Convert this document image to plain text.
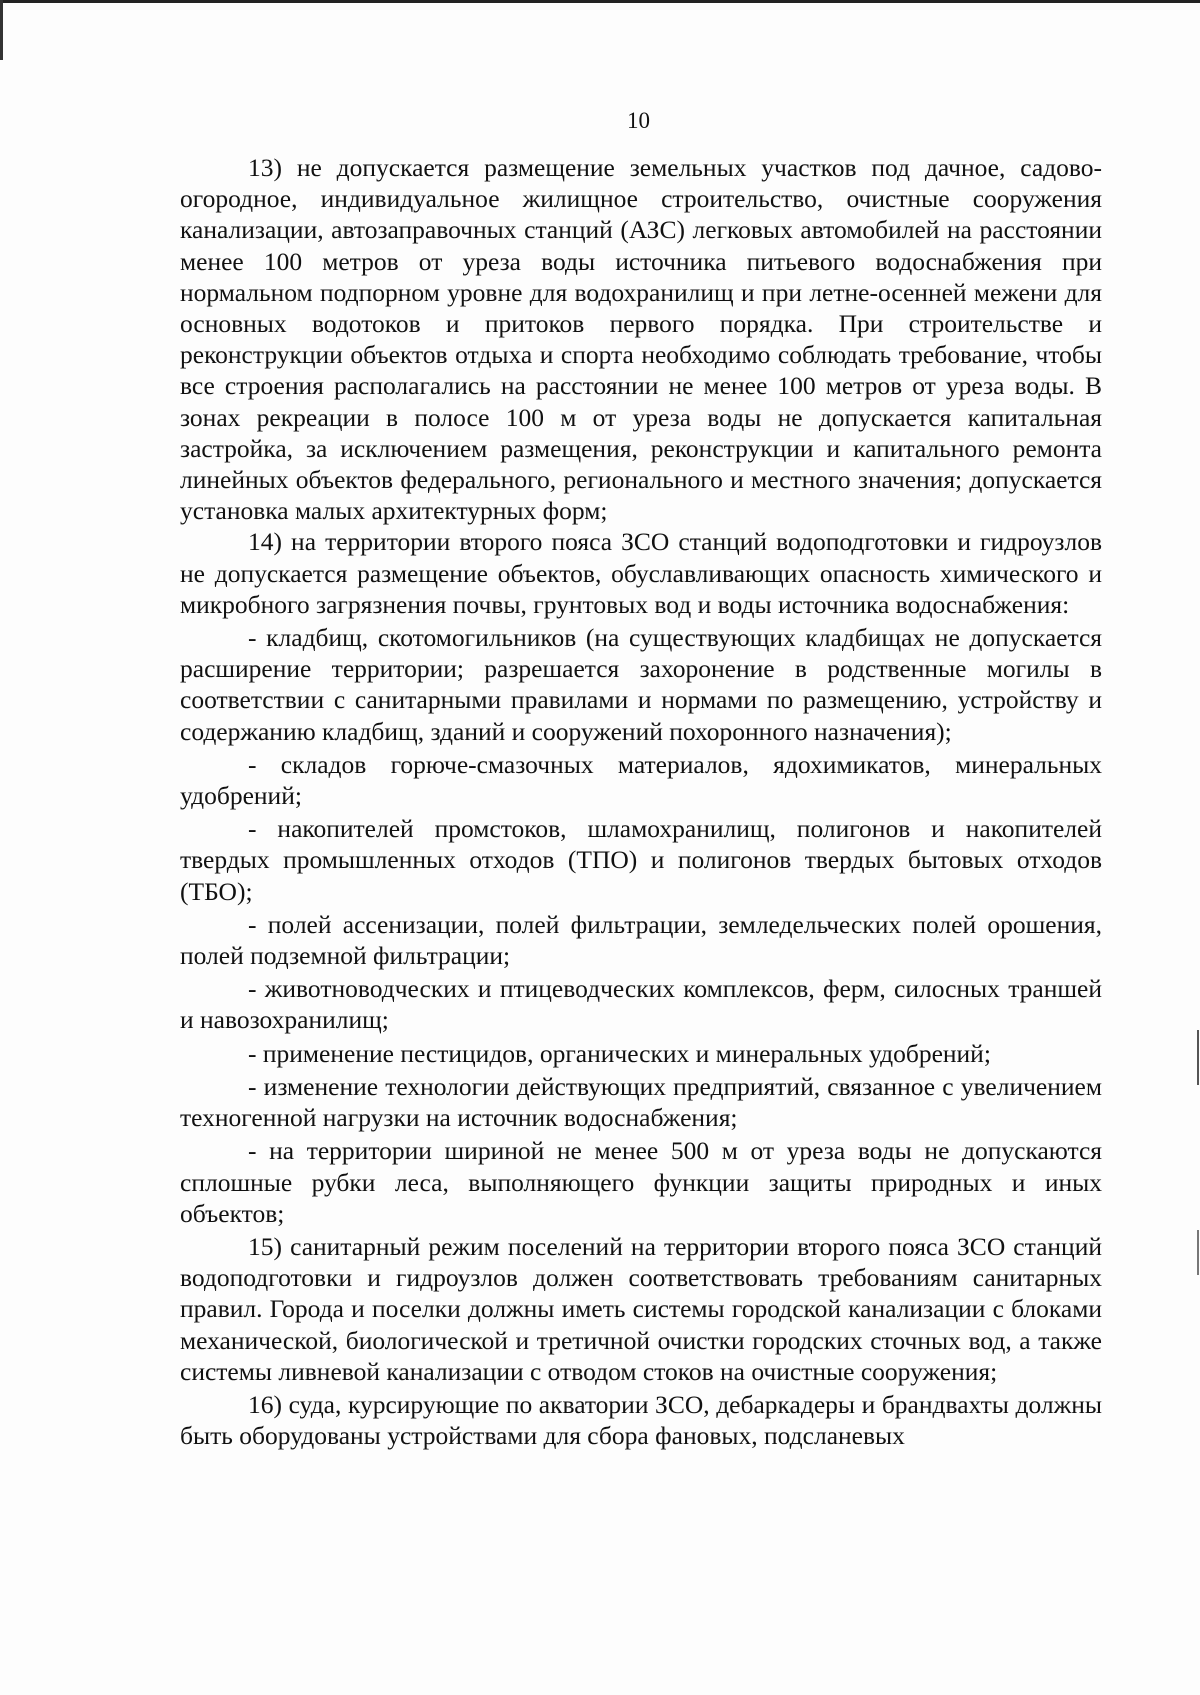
10

13) не допускается размещение земельных участков под дачное, садово-огородное, индивидуальное жилищное строительство, очистные сооружения канализации, автозаправочных станций (АЗС) легковых автомобилей на расстоянии менее 100 метров от уреза воды источника питьевого водоснабжения при нормальном подпорном уровне для водохранилищ и при летне-осенней межени для основных водотоков и притоков первого порядка. При строительстве и реконструкции объектов отдыха и спорта необходимо соблюдать требование, чтобы все строения располагались на расстоянии не менее 100 метров от уреза воды. В зонах рекреации в полосе 100 м от уреза воды не допускается капитальная застройка, за исключением размещения, реконструкции и капитального ремонта линейных объектов федерального, регионального и местного значения; допускается установка малых архитектурных форм;

14) на территории второго пояса ЗСО станций водоподготовки и гидроузлов не допускается размещение объектов, обуславливающих опасность химического и микробного загрязнения почвы, грунтовых вод и воды источника водоснабжения:

- кладбищ, скотомогильников (на существующих кладбищах не допускается расширение территории; разрешается захоронение в родственные могилы в соответствии с санитарными правилами и нормами по размещению, устройству и содержанию кладбищ, зданий и сооружений похоронного назначения);

- складов горюче-смазочных материалов, ядохимикатов, минеральных удобрений;

- накопителей промстоков, шламохранилищ, полигонов и накопителей твердых промышленных отходов (ТПО) и полигонов твердых бытовых отходов (ТБО);

- полей ассенизации, полей фильтрации, земледельческих полей орошения, полей подземной фильтрации;

- животноводческих и птицеводческих комплексов, ферм, силосных траншей и навозохранилищ;

- применение пестицидов, органических и минеральных удобрений;

- изменение технологии действующих предприятий, связанное с увеличением техногенной нагрузки на источник водоснабжения;

- на территории шириной не менее 500 м от уреза воды не допускаются сплошные рубки леса, выполняющего функции защиты природных и иных объектов;

15) санитарный режим поселений на территории второго пояса ЗСО станций водоподготовки и гидроузлов должен соответствовать требованиям санитарных правил. Города и поселки должны иметь системы городской канализации с блоками механической, биологической и третичной очистки городских сточных вод, а также системы ливневой канализации с отводом стоков на очистные сооружения;

16) суда, курсирующие по акватории ЗСО, дебаркадеры и брандвахты должны быть оборудованы устройствами для сбора фановых, подсланевых
